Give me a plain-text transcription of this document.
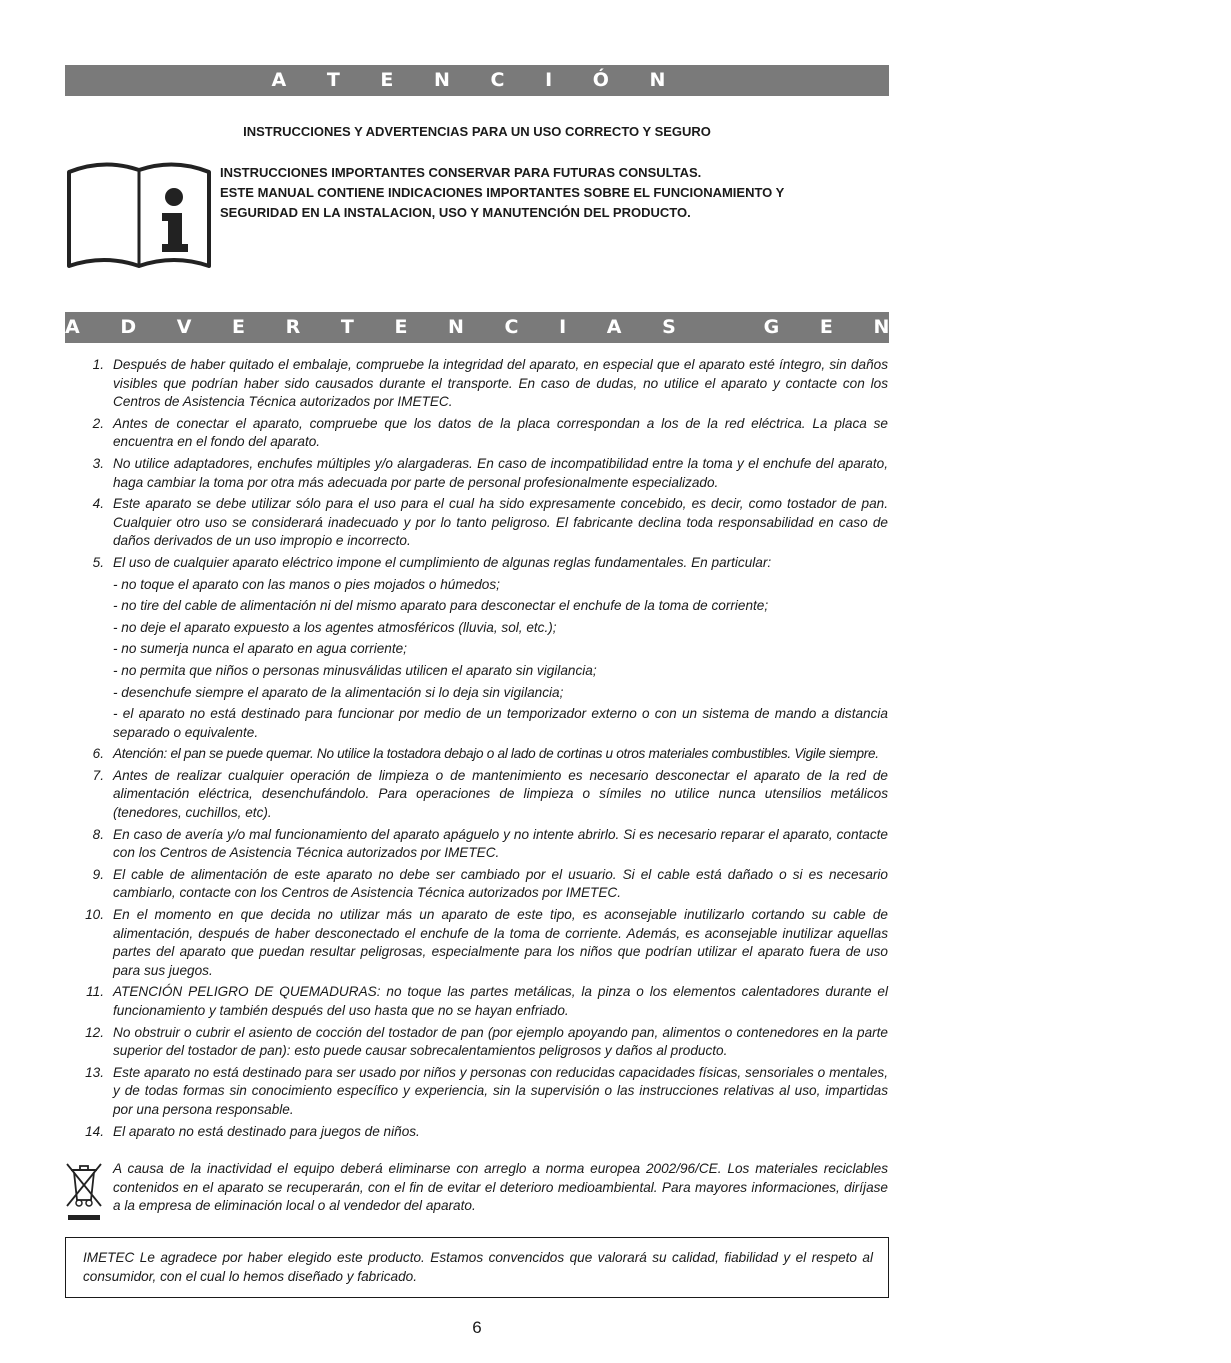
A T E N C I Ó N
INSTRUCCIONES Y ADVERTENCIAS PARA UN USO CORRECTO Y SEGURO
INSTRUCCIONES IMPORTANTES CONSERVAR PARA FUTURAS CONSULTAS.
ESTE MANUAL CONTIENE INDICACIONES IMPORTANTES SOBRE EL FUNCIONAMIENTO Y
SEGURIDAD EN LA INSTALACION, USO Y MANUTENCIÓN DEL PRODUCTO.
A D V E R T E N C I A S   G E N E R A L E S
1. Después de haber quitado el embalaje, compruebe la integridad del aparato, en especial que el aparato esté íntegro, sin daños visibles que podrían haber sido causados durante el transporte. En caso de dudas, no utilice el aparato y contacte con los Centros de Asistencia Técnica autorizados por IMETEC.
2. Antes de conectar el aparato, compruebe que los datos de la placa correspondan a los de la red eléctrica. La placa se encuentra en el fondo del aparato.
3. No utilice adaptadores, enchufes múltiples y/o alargaderas. En caso de incompatibilidad entre la toma y el enchufe del aparato, haga cambiar la toma por otra más adecuada por parte de personal profesionalmente especializado.
4. Este aparato se debe utilizar sólo para el uso para el cual ha sido expresamente concebido, es decir, como tostador de pan. Cualquier otro uso se considerará inadecuado y por lo tanto peligroso. El fabricante declina toda responsabilidad en caso de daños derivados de un uso impropio e incorrecto.
5. El uso de cualquier aparato eléctrico impone el cumplimiento de algunas reglas fundamentales. En particular:
- no toque el aparato con las manos o pies mojados o húmedos;
- no tire del cable de alimentación ni del mismo aparato para desconectar el enchufe de la toma de corriente;
- no deje el aparato expuesto a los agentes atmosféricos (lluvia, sol, etc.);
- no sumerja nunca el aparato en agua corriente;
- no permita que niños o personas minusválidas utilicen el aparato sin vigilancia;
- desenchufe siempre el aparato de la alimentación si lo deja sin vigilancia;
- el aparato no está destinado para funcionar por medio de un temporizador externo o con un sistema de mando a distancia separado o equivalente.
6. Atención: el pan se puede quemar. No utilice la tostadora debajo o al lado de cortinas u otros materiales combustibles. Vigile siempre.
7. Antes de realizar cualquier operación de limpieza o de mantenimiento es necesario desconectar el aparato de la red de alimentación eléctrica, desenchufándolo. Para operaciones de limpieza o símiles no utilice nunca utensilios metálicos (tenedores, cuchillos, etc).
8. En caso de avería y/o mal funcionamiento del aparato apáguelo y no intente abrirlo. Si es necesario reparar el aparato, contacte con los Centros de Asistencia Técnica autorizados por IMETEC.
9. El cable de alimentación de este aparato no debe ser cambiado por el usuario. Si el cable está dañado o si es necesario cambiarlo, contacte con los Centros de Asistencia Técnica autorizados por IMETEC.
10. En el momento en que decida no utilizar más un aparato de este tipo, es aconsejable inutilizarlo cortando su cable de alimentación, después de haber desconectado el enchufe de la toma de corriente. Además, es aconsejable inutilizar aquellas partes del aparato que puedan resultar peligrosas, especialmente para los niños que podrían utilizar el aparato fuera de uso para sus juegos.
11. ATENCIÓN PELIGRO DE QUEMADURAS: no toque las partes metálicas, la pinza o los elementos calentadores durante el funcionamiento y también después del uso hasta que no se hayan enfriado.
12. No obstruir o cubrir el asiento de cocción del tostador de pan (por ejemplo apoyando pan, alimentos o contenedores en la parte superior del tostador de pan): esto puede causar sobrecalentamientos peligrosos y daños al producto.
13. Este aparato no está destinado para ser usado por niños y personas con reducidas capacidades físicas, sensoriales o mentales, y de todas formas sin conocimiento específico y experiencia, sin la supervisión o las instrucciones relativas al uso, impartidas por una persona responsable.
14. El aparato no está destinado para juegos de niños.
A causa de la inactividad el equipo deberá eliminarse con arreglo a norma europea 2002/96/CE. Los materiales reciclables contenidos en el aparato se recuperarán, con el fin de evitar el deterioro medioambiental. Para mayores informaciones, diríjase a la empresa de eliminación local o al vendedor del aparato.
IMETEC Le agradece por haber elegido este producto. Estamos convencidos que valorará su calidad, fiabilidad y el respeto al consumidor, con el cual lo hemos diseñado y fabricado.
6
